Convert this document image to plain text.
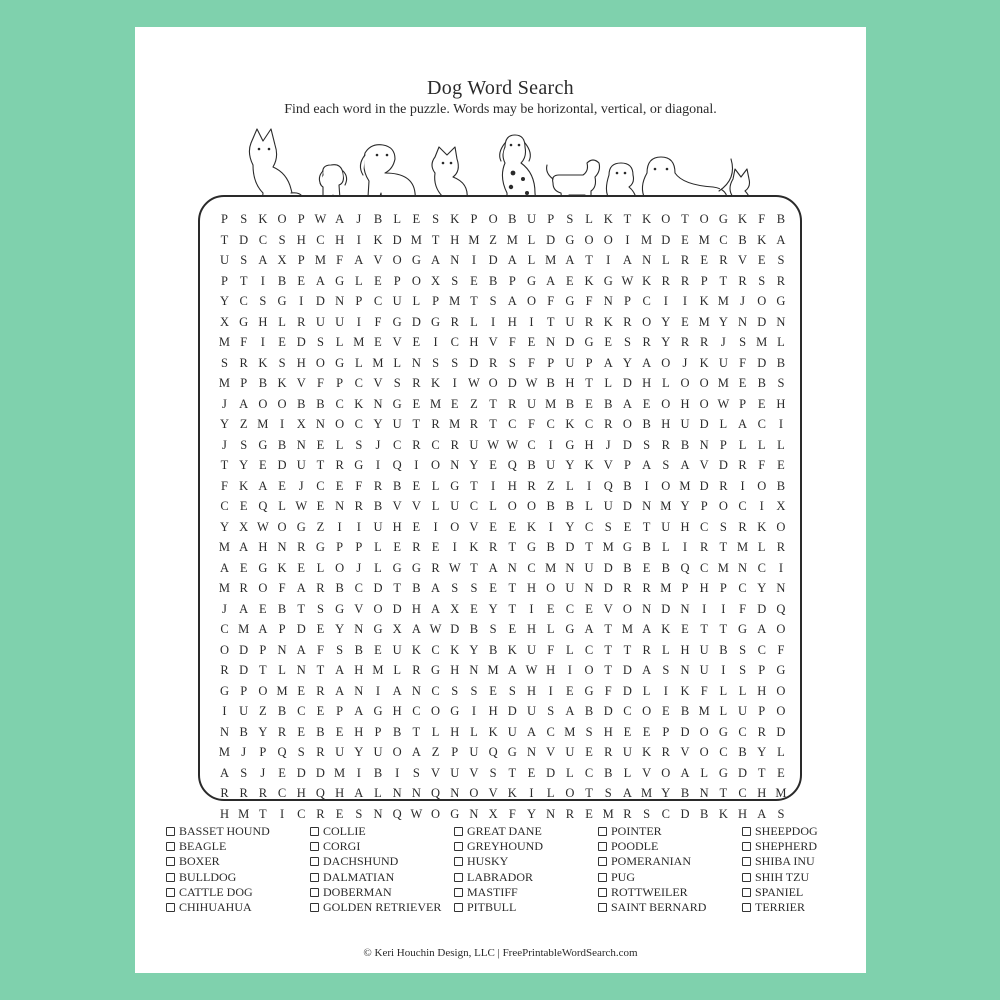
Dog Word Search
Find each word in the puzzle. Words may be horizontal, vertical, or diagonal.
P S K O P W A J B L E S K P O B U P S L K T K O T O G K F B
T D C S H C H I K D M T H M Z M L D G O O I M D E M C B K A
U S A X P M F A V O G A N I D A L M A T	I A N L R E R V E S
P T	I	B E A G L E P O X S E B P G A E K G W K R R P T R S R
Y C S G I D N P C U L P M T S A O F G F N P C	I	I K M J O G
X G H L R U U I	F G D G R L	I H I	T U R K R O Y E M Y N D N
M F	I	E D S L M E V E	I	C H V F E N D G E S R Y R R J	S M L
S R K S H O G L M L N S S D R S F P U P A Y A O J K U F D B
M P B K V F P C V S R K I W O D W B H T L D H L O O M E B S
J A O O B B C K N G E M E Z T R U M B E B A E O H O W P E H
Y Z M I X N O C Y U T R M R T C F C K C R O B H U D L A C	I
J	S G B N E L S	J C R C R U W W C	I G H J D S R B N P L L L
T Y E D U T R G I Q I O N Y E Q B U Y K V P A S A V D R F E
F K A E	J C E F R B E L G T	I H R Z L	I Q B	I O M D R	I O B
C E Q L W E N R B V V L U C L O O B B L U D N M Y P O C	I X
Y X W O G Z	I	I U H E	I O V E E K I Y C S E T U H C S R K O
M A H N R G P P L E R E	I K R T G B D T M G B L	I	R T M L R
A E G K E L O J	L G G R W T A N C M N U D B E B Q C M N C	I
M R O F A R B C D T B A S S E T H O U N D R R M P H P C Y N
J A E B T S G V O D H A X E Y T	I	E C E V O N D N I	I	F D Q
C M A P D E Y N G X A W D B S E H L G A T M A K E T T G A O
O D P N A F S B E U K C K Y B K U F L C T T R L H U B S C F
R D T L N T A H M L R G H N M A W H I O T D A S N U I	S P G
G P O M E R A N I A N C S S E S H I	E G F D L	I K F L L H O
I U Z B C E P A G H C O G I H D U S A B D C O E B M L U P O
N B Y R E B E H P B T L H L K U A C M S H E E P D O G C R D
M J	P Q S R U Y U O A Z P U Q G N V U E R U K R V O C B Y L
A S	J	E D D M I	B	I	S V U V S T E D L C B L V O A L G D T E
R R R C H Q H A L N N Q N O V K I	L O T S A M Y B N T C H M
H M T	I	C R E S N Q W O G N X F Y N R E M R S C D B K H A S
BASSET HOUND
BEAGLE
BOXER
BULLDOG
CATTLE DOG
CHIHUAHUA
COLLIE
CORGI
DACHSHUND
DALMATIAN
DOBERMAN
GOLDEN RETRIEVER
GREAT DANE
GREYHOUND
HUSKY
LABRADOR
MASTIFF
PITBULL
POINTER
POODLE
POMERANIAN
PUG
ROTTWEILER
SAINT BERNARD
SHEEPDOG
SHEPHERD
SHIBA INU
SHIH TZU
SPANIEL
TERRIER
© Keri Houchin Design, LLC | FreePrintableWordSearch.com
